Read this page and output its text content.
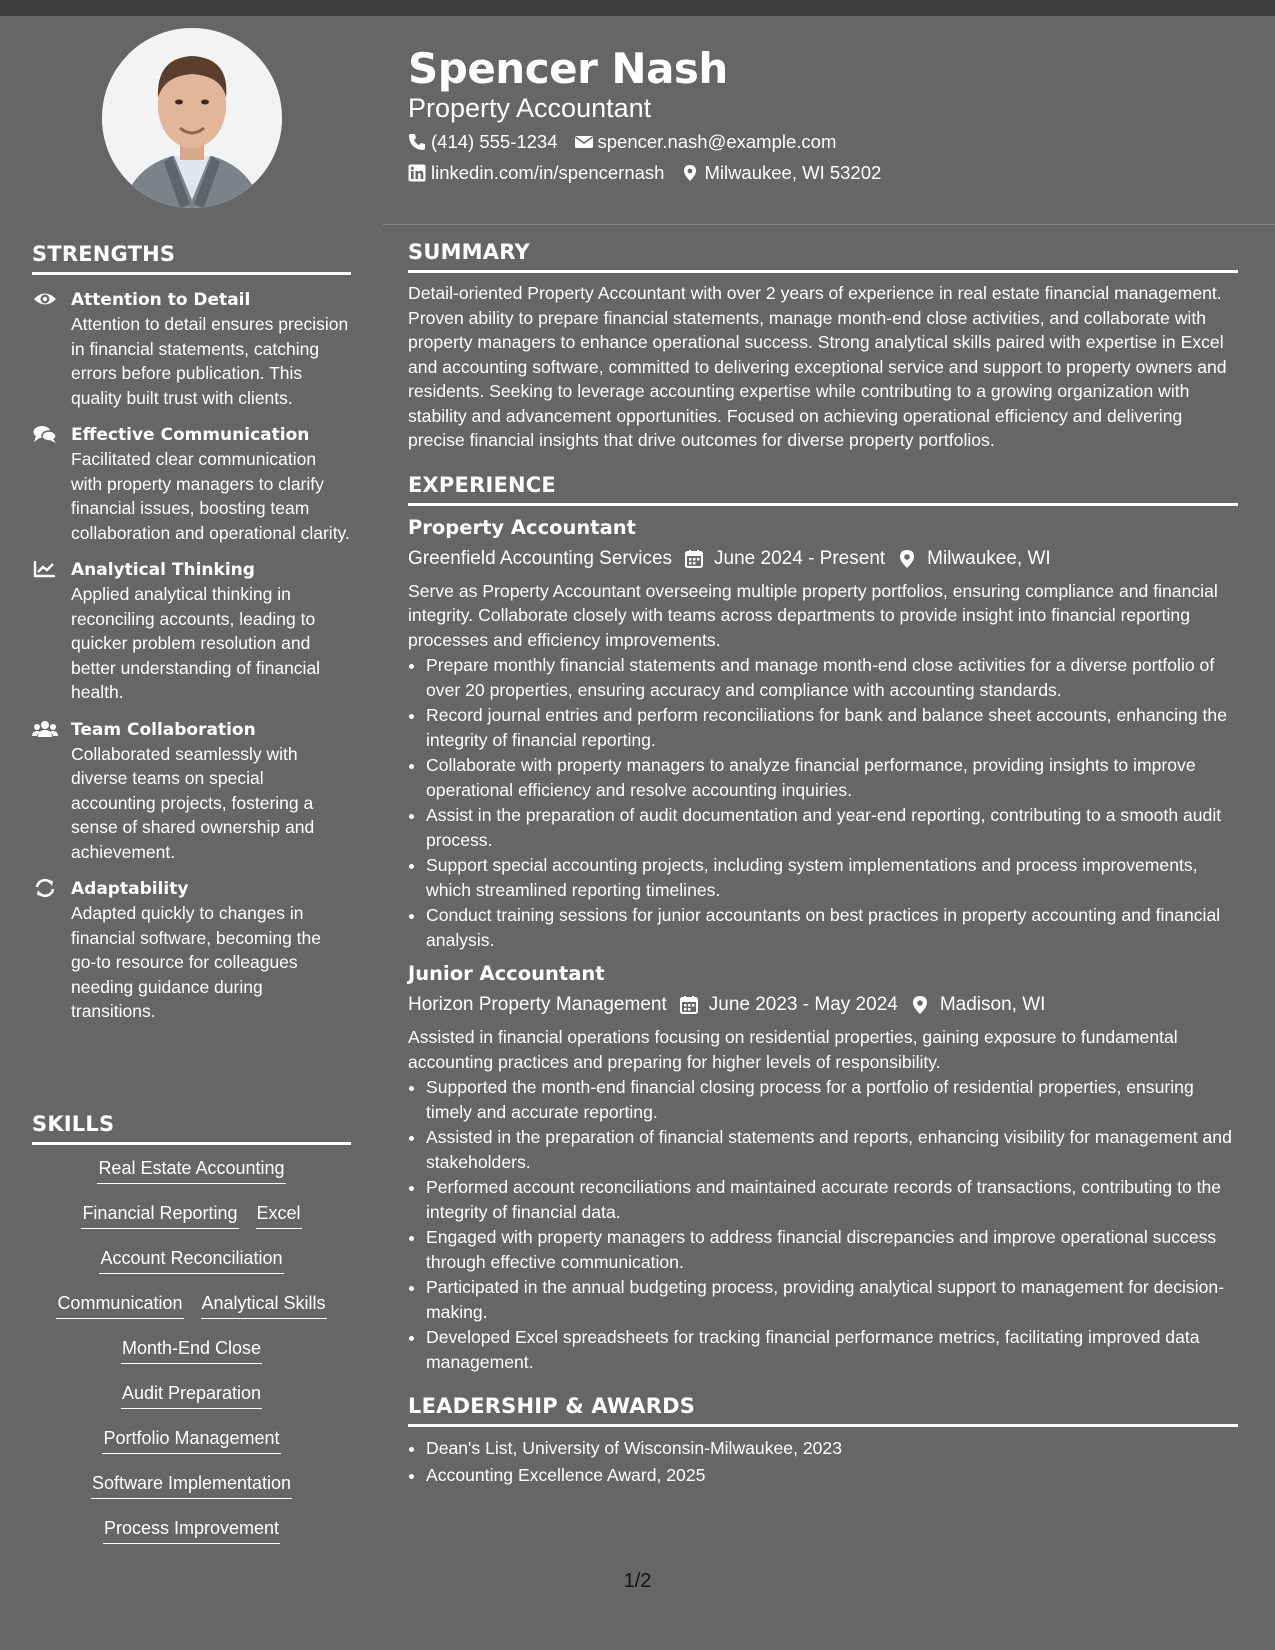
STRENGTHS
Attention to Detail
Attention to detail ensures precision in financial statements, catching errors before publication. This quality built trust with clients.
Effective Communication
Facilitated clear communication with property managers to clarify financial issues, boosting team collaboration and operational clarity.
Analytical Thinking
Applied analytical thinking in reconciling accounts, leading to quicker problem resolution and better understanding of financial health.
Team Collaboration
Collaborated seamlessly with diverse teams on special accounting projects, fostering a sense of shared ownership and achievement.
Adaptability
Adapted quickly to changes in financial software, becoming the go-to resource for colleagues needing guidance during transitions.
SKILLS
Real Estate Accounting
Financial Reporting Excel
Account Reconciliation
Communication Analytical Skills
Month-End Close
Audit Preparation
Portfolio Management
Software Implementation
Process Improvement
Spencer Nash
Property Accountant
(414) 555-1234 spencer.nash@example.com
linkedin.com/in/spencernash Milwaukee, WI 53202
SUMMARY
Detail-oriented Property Accountant with over 2 years of experience in real estate financial management. Proven ability to prepare financial statements, manage month-end close activities, and collaborate with property managers to enhance operational success. Strong analytical skills paired with expertise in Excel and accounting software, committed to delivering exceptional service and support to property owners and residents. Seeking to leverage accounting expertise while contributing to a growing organization with stability and advancement opportunities. Focused on achieving operational efficiency and delivering precise financial insights that drive outcomes for diverse property portfolios.
EXPERIENCE
Property Accountant
Greenfield Accounting Services June 2024 - Present Milwaukee, WI
Serve as Property Accountant overseeing multiple property portfolios, ensuring compliance and financial integrity. Collaborate closely with teams across departments to provide insight into financial reporting processes and efficiency improvements.
• Prepare monthly financial statements and manage month-end close activities for a diverse portfolio of over 20 properties, ensuring accuracy and compliance with accounting standards.
• Record journal entries and perform reconciliations for bank and balance sheet accounts, enhancing the integrity of financial reporting.
• Collaborate with property managers to analyze financial performance, providing insights to improve operational efficiency and resolve accounting inquiries.
• Assist in the preparation of audit documentation and year-end reporting, contributing to a smooth audit process.
• Support special accounting projects, including system implementations and process improvements, which streamlined reporting timelines.
• Conduct training sessions for junior accountants on best practices in property accounting and financial analysis.
Junior Accountant
Horizon Property Management June 2023 - May 2024 Madison, WI
Assisted in financial operations focusing on residential properties, gaining exposure to fundamental accounting practices and preparing for higher levels of responsibility.
• Supported the month-end financial closing process for a portfolio of residential properties, ensuring timely and accurate reporting.
• Assisted in the preparation of financial statements and reports, enhancing visibility for management and stakeholders.
• Performed account reconciliations and maintained accurate records of transactions, contributing to the integrity of financial data.
• Engaged with property managers to address financial discrepancies and improve operational success through effective communication.
• Participated in the annual budgeting process, providing analytical support to management for decision-making.
• Developed Excel spreadsheets for tracking financial performance metrics, facilitating improved data management.
LEADERSHIP & AWARDS
• Dean's List, University of Wisconsin-Milwaukee, 2023
• Accounting Excellence Award, 2025
1/2
